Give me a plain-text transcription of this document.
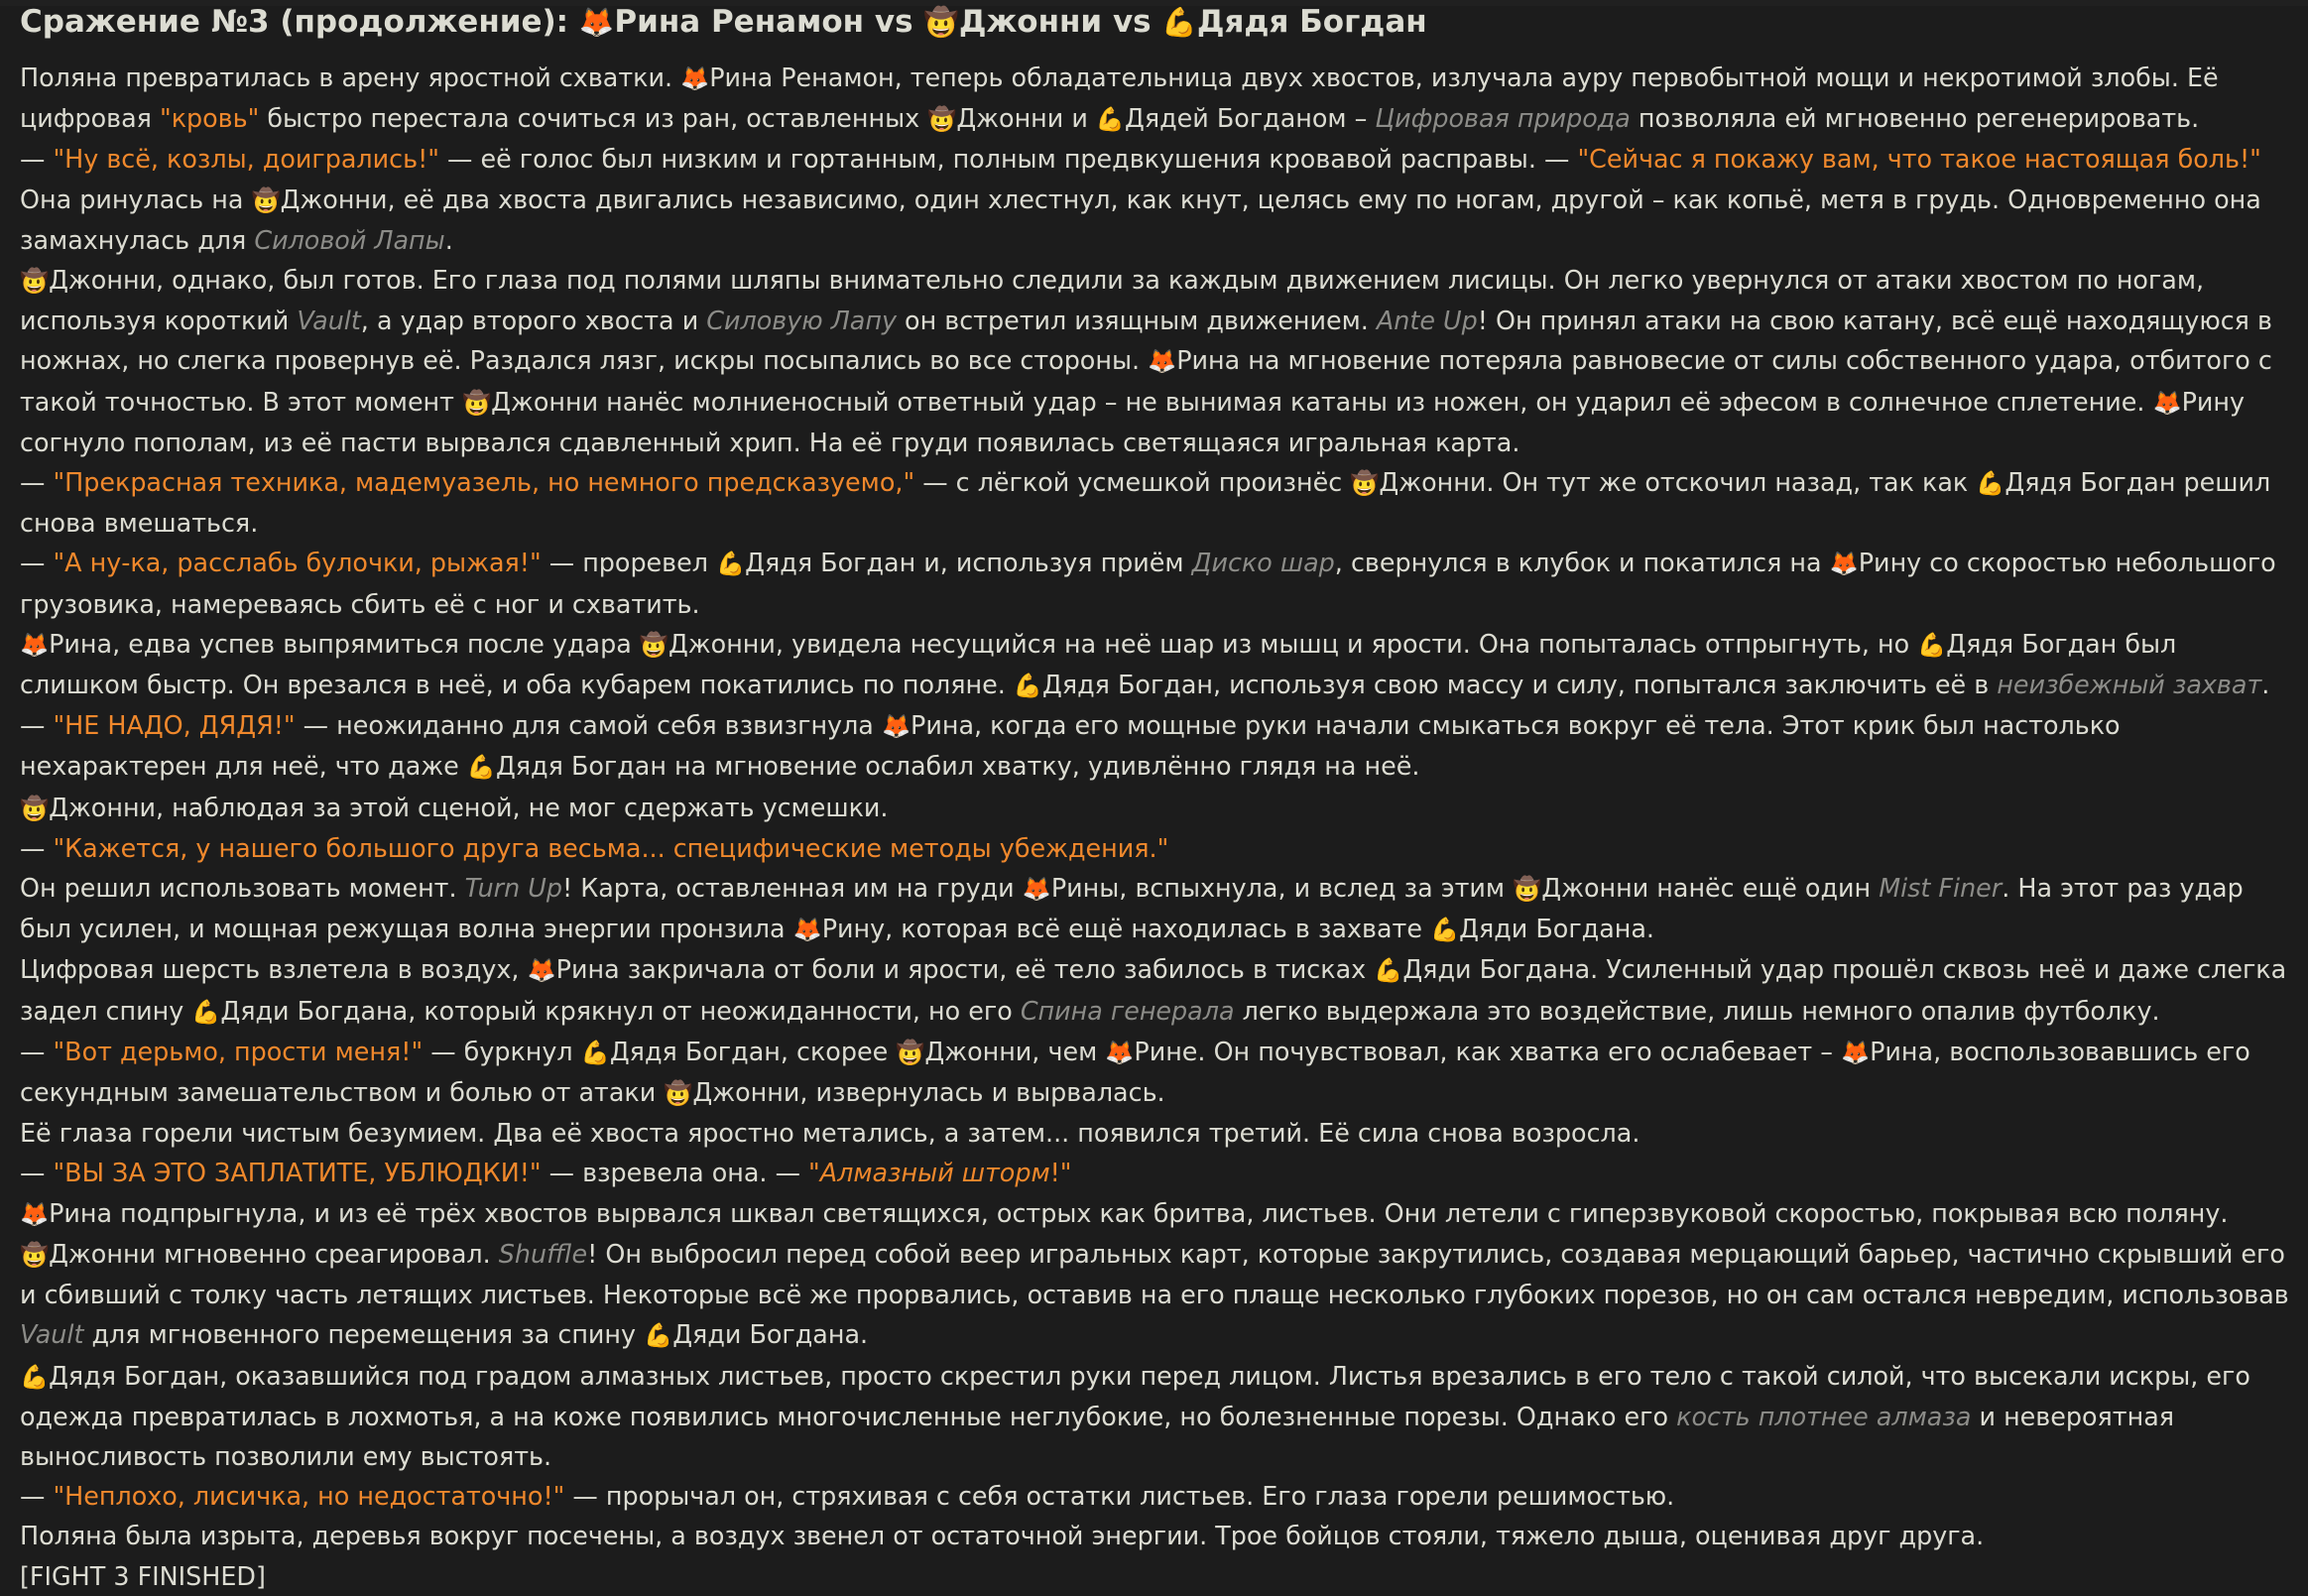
Сражение №3 (продолжение): 🦊Рина Ренамон vs 🤠Джонни vs 💪Дядя Богдан

Поляна превратилась в арену яростной схватки. 🦊Рина Ренамон, теперь обладательница двух хвостов, излучала ауру первобытной мощи и некротимой злобы. Её цифровая "кровь" быстро перестала сочиться из ран, оставленных 🤠Джонни и 💪Дядей Богданом – Цифровая природа позволяла ей мгновенно регенерировать.

— "Ну всё, козлы, доигрались!" — её голос был низким и гортанным, полным предвкушения кровавой расправы. — "Сейчас я покажу вам, что такое настоящая боль!"

Она ринулась на 🤠Джонни, её два хвоста двигались независимо, один хлестнул, как кнут, целясь ему по ногам, другой – как копьё, метя в грудь. Одновременно она замахнулась для Силовой Лапы.

🤠Джонни, однако, был готов. Его глаза под полями шляпы внимательно следили за каждым движением лисицы. Он легко увернулся от атаки хвостом по ногам, используя короткий Vault, а удар второго хвоста и Силовую Лапу он встретил изящным движением. Ante Up! Он принял атаки на свою катану, всё ещё находящуюся в ножнах, но слегка провернув её. Раздался лязг, искры посыпались во все стороны. 🦊Рина на мгновение потеряла равновесие от силы собственного удара, отбитого с такой точностью. В этот момент 🤠Джонни нанёс молниеносный ответный удар – не вынимая катаны из ножен, он ударил её эфесом в солнечное сплетение. 🦊Рину согнуло пополам, из её пасти вырвался сдавленный хрип. На её груди появилась светящаяся игральная карта.

— "Прекрасная техника, мадемуазель, но немного предсказуемо," — с лёгкой усмешкой произнёс 🤠Джонни. Он тут же отскочил назад, так как 💪Дядя Богдан решил снова вмешаться.

— "А ну-ка, расслабь булочки, рыжая!" — проревел 💪Дядя Богдан и, используя приём Диско шар, свернулся в клубок и покатился на 🦊Рину со скоростью небольшого грузовика, намереваясь сбить её с ног и схватить.

🦊Рина, едва успев выпрямиться после удара 🤠Джонни, увидела несущийся на неё шар из мышц и ярости. Она попыталась отпрыгнуть, но 💪Дядя Богдан был слишком быстр. Он врезался в неё, и оба кубарем покатились по поляне. 💪Дядя Богдан, используя свою массу и силу, попытался заключить её в неизбежный захват.

— "НЕ НАДО, ДЯДЯ!" — неожиданно для самой себя взвизгнула 🦊Рина, когда его мощные руки начали смыкаться вокруг её тела. Этот крик был настолько нехарактерен для неё, что даже 💪Дядя Богдан на мгновение ослабил хватку, удивлённо глядя на неё.

🤠Джонни, наблюдая за этой сценой, не мог сдержать усмешки.

— "Кажется, у нашего большого друга весьма... специфические методы убеждения."

Он решил использовать момент. Turn Up! Карта, оставленная им на груди 🦊Рины, вспыхнула, и вслед за этим 🤠Джонни нанёс ещё один Mist Finer. На этот раз удар был усилен, и мощная режущая волна энергии пронзила 🦊Рину, которая всё ещё находилась в захвате 💪Дяди Богдана.

Цифровая шерсть взлетела в воздух, 🦊Рина закричала от боли и ярости, её тело забилось в тисках 💪Дяди Богдана. Усиленный удар прошёл сквозь неё и даже слегка задел спину 💪Дяди Богдана, который крякнул от неожиданности, но его Спина генерала легко выдержала это воздействие, лишь немного опалив футболку.

— "Вот дерьмо, прости меня!" — буркнул 💪Дядя Богдан, скорее 🤠Джонни, чем 🦊Рине. Он почувствовал, как хватка его ослабевает – 🦊Рина, воспользовавшись его секундным замешательством и болью от атаки 🤠Джонни, извернулась и вырвалась.

Её глаза горели чистым безумием. Два её хвоста яростно метались, а затем... появился третий. Её сила снова возросла.

— "ВЫ ЗА ЭТО ЗАПЛАТИТЕ, УБЛЮДКИ!" — взревела она. — "Алмазный шторм!"

🦊Рина подпрыгнула, и из её трёх хвостов вырвался шквал светящихся, острых как бритва, листьев. Они летели с гиперзвуковой скоростью, покрывая всю поляну.

🤠Джонни мгновенно среагировал. Shuffle! Он выбросил перед собой веер игральных карт, которые закрутились, создавая мерцающий барьер, частично скрывший его и сбивший с толку часть летящих листьев. Некоторые всё же прорвались, оставив на его плаще несколько глубоких порезов, но он сам остался невредим, использовав Vault для мгновенного перемещения за спину 💪Дяди Богдана.

💪Дядя Богдан, оказавшийся под градом алмазных листьев, просто скрестил руки перед лицом. Листья врезались в его тело с такой силой, что высекали искры, его одежда превратилась в лохмотья, а на коже появились многочисленные неглубокие, но болезненные порезы. Однако его кость плотнее алмаза и невероятная выносливость позволили ему выстоять.

— "Неплохо, лисичка, но недостаточно!" — прорычал он, стряхивая с себя остатки листьев. Его глаза горели решимостью.

Поляна была изрыта, деревья вокруг посечены, а воздух звенел от остаточной энергии. Трое бойцов стояли, тяжело дыша, оценивая друг друга.

[FIGHT 3 FINISHED]
